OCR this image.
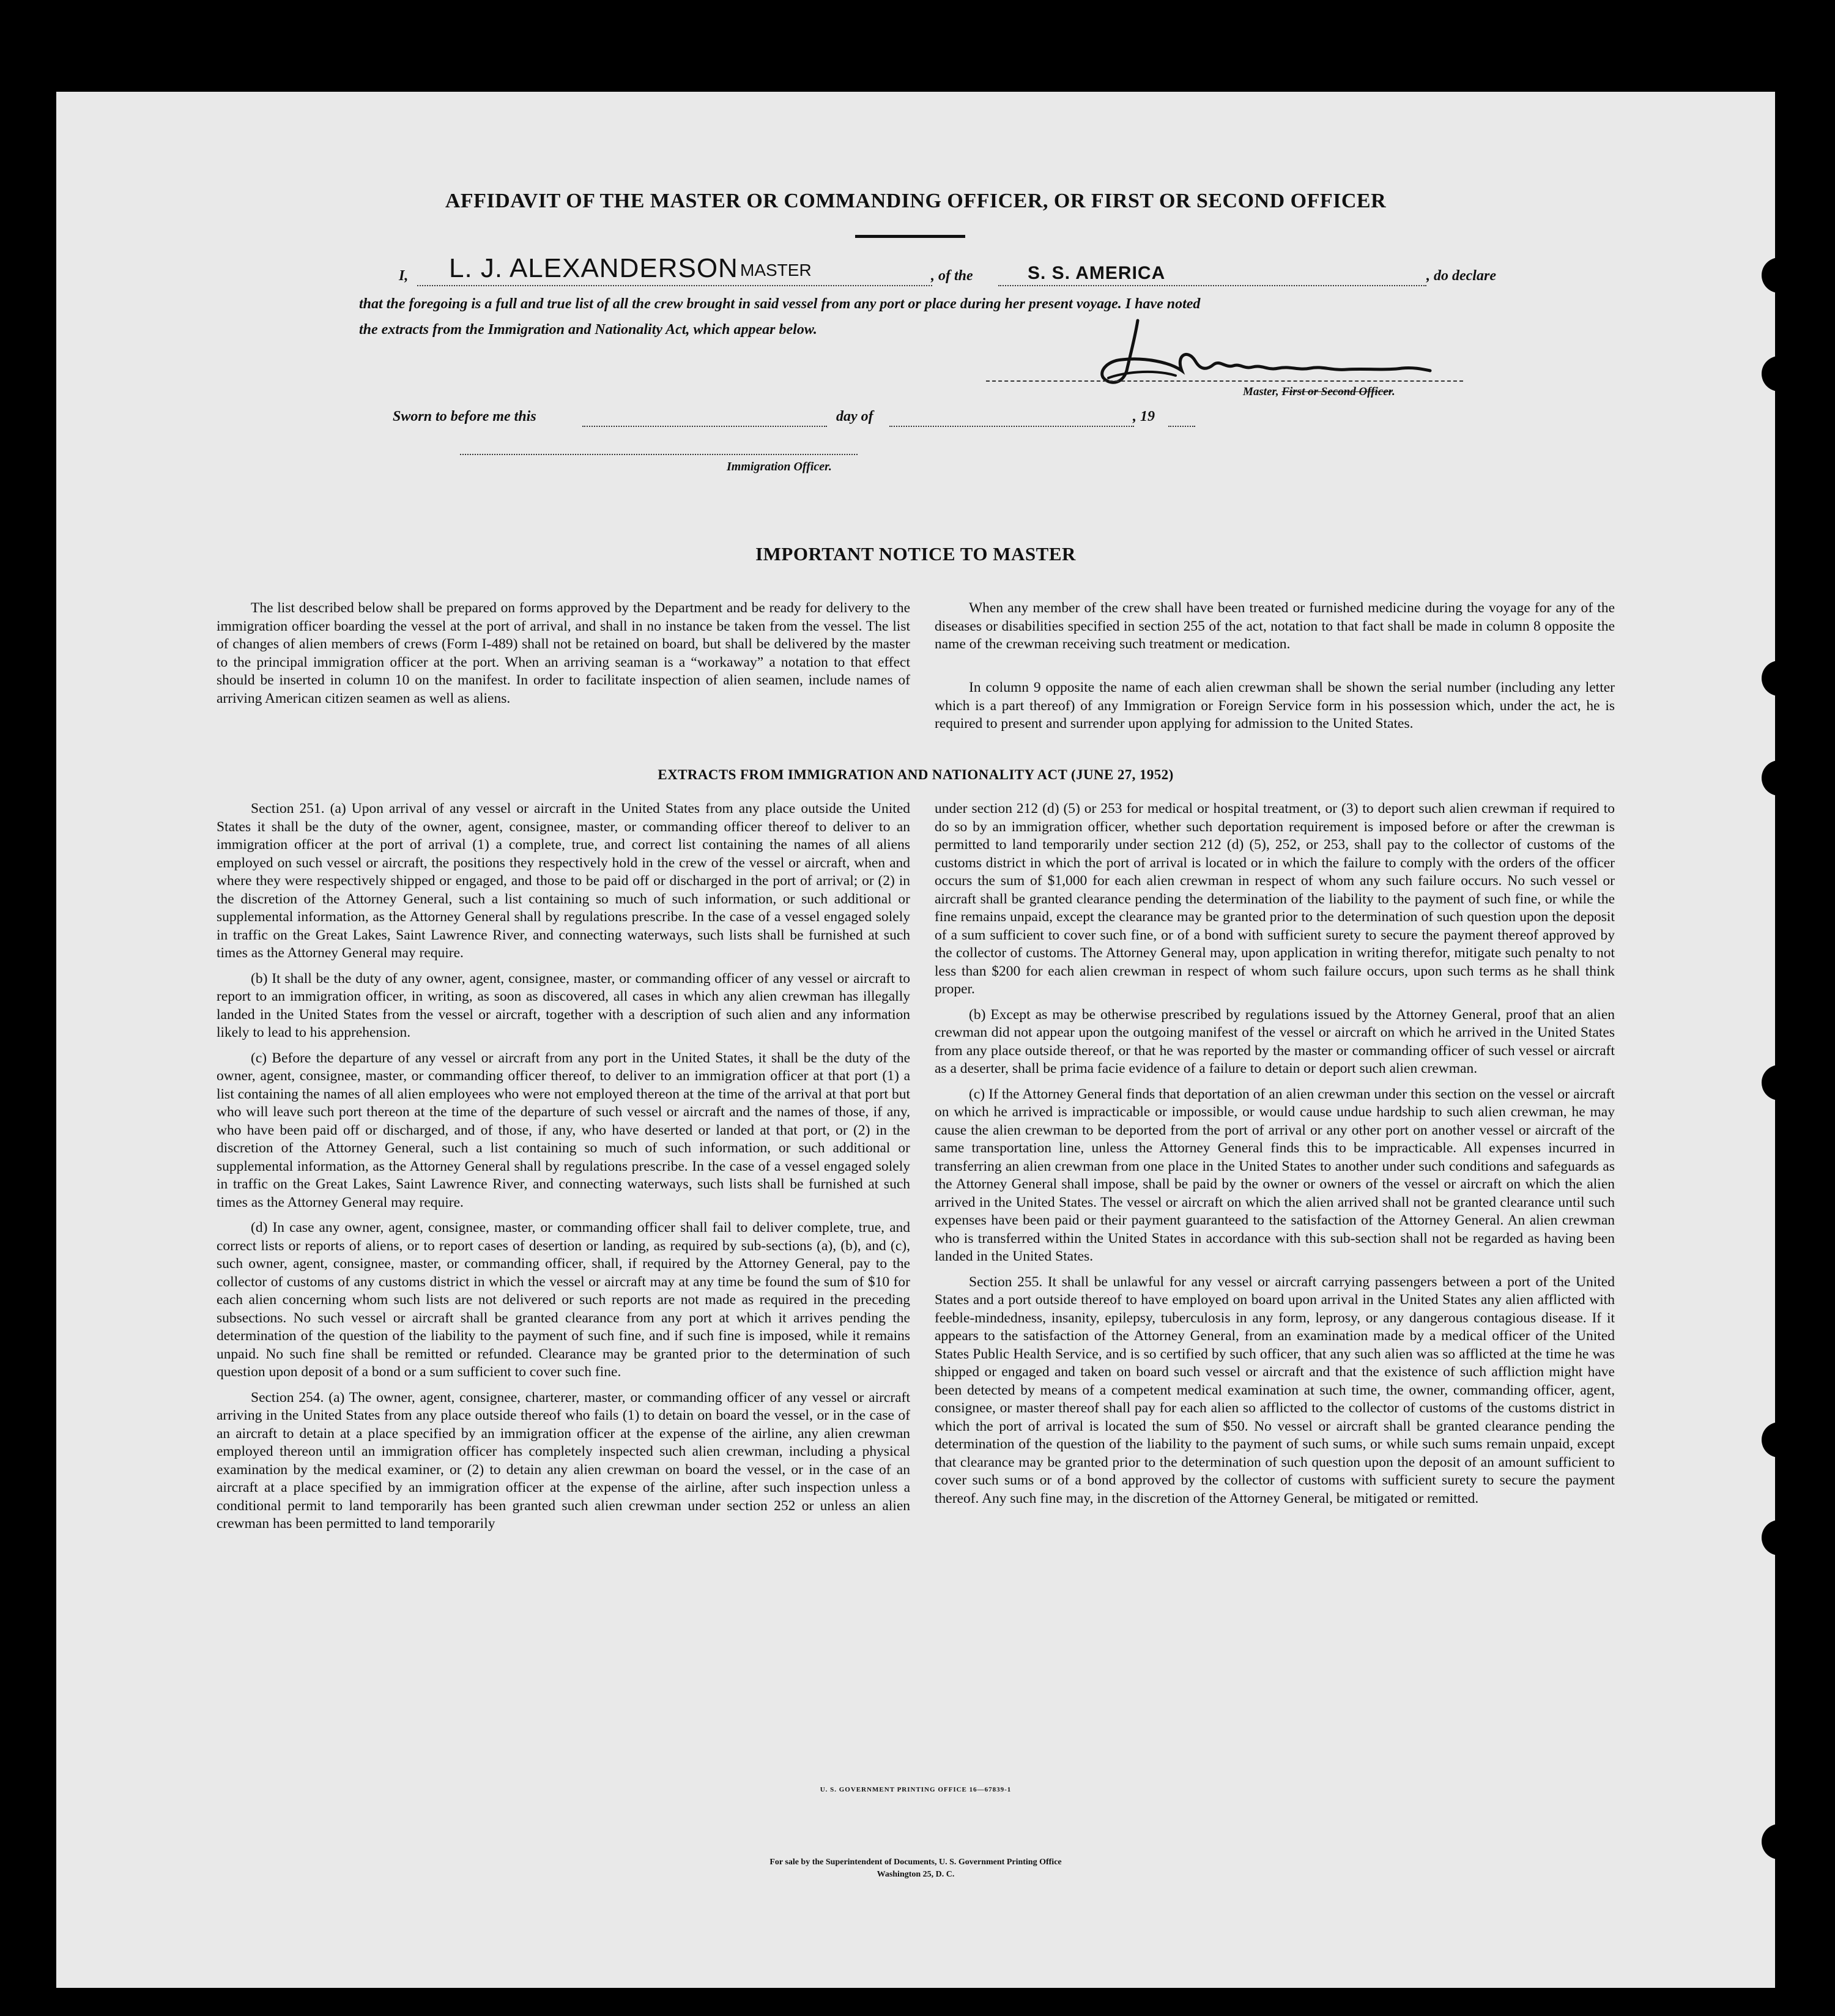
AFFIDAVIT OF THE MASTER OR COMMANDING OFFICER, OR FIRST OR SECOND OFFICER
I, L. J. ALEXANDERSON MASTER	, of the	S. S. AMERICA	, do declare
that the foregoing is a full and true list of all the crew brought in said vessel from any port or place during her present voyage. I have noted
the extracts from the Immigration and Nationality Act, which appear below.
Master, First or Second Officer.
Sworn to before me this	day of	, 19
Immigration Officer.
IMPORTANT NOTICE TO MASTER

The list described below shall be prepared on forms approved by the Department and be ready for delivery to the immigration officer boarding the vessel at the port of arrival, and shall in no instance be taken from the vessel. The list of changes of alien members of crews (Form I-489) shall not be retained on board, but shall be delivered by the master to the principal immigration officer at the port. When an arriving seaman is a “workaway” a notation to that effect should be inserted in column 10 on the manifest. In order to facilitate inspection of alien seamen, include names of arriving American citizen seamen as well as aliens.

When any member of the crew shall have been treated or furnished medicine during the voyage for any of the diseases or disabilities specified in section 255 of the act, notation to that fact shall be made in column 8 opposite the name of the crewman receiving such treatment or medication.

In column 9 opposite the name of each alien crewman shall be shown the serial number (including any letter which is a part thereof) of any Immigration or Foreign Service form in his possession which, under the act, he is required to present and surrender upon applying for admission to the United States.

EXTRACTS FROM IMMIGRATION AND NATIONALITY ACT (JUNE 27, 1952)

Section 251. (a) Upon arrival of any vessel or aircraft in the United States from any place outside the United States it shall be the duty of the owner, agent, consignee, master, or commanding officer thereof to deliver to an immigration officer at the port of arrival (1) a complete, true, and correct list containing the names of all aliens employed on such vessel or aircraft, the positions they respectively hold in the crew of the vessel or aircraft, when and where they were respectively shipped or engaged, and those to be paid off or discharged in the port of arrival; or (2) in the discretion of the Attorney General, such a list containing so much of such information, or such additional or supplemental information, as the Attorney General shall by regulations prescribe. In the case of a vessel engaged solely in traffic on the Great Lakes, Saint Lawrence River, and connecting waterways, such lists shall be furnished at such times as the Attorney General may require.

(b) It shall be the duty of any owner, agent, consignee, master, or commanding officer of any vessel or aircraft to report to an immigration officer, in writing, as soon as discovered, all cases in which any alien crewman has illegally landed in the United States from the vessel or aircraft, together with a description of such alien and any information likely to lead to his apprehension.

(c) Before the departure of any vessel or aircraft from any port in the United States, it shall be the duty of the owner, agent, consignee, master, or commanding officer thereof, to deliver to an immigration officer at that port (1) a list containing the names of all alien employees who were not employed thereon at the time of the arrival at that port but who will leave such port thereon at the time of the departure of such vessel or aircraft and the names of those, if any, who have been paid off or discharged, and of those, if any, who have deserted or landed at that port, or (2) in the discretion of the Attorney General, such a list containing so much of such information, or such additional or supplemental information, as the Attorney General shall by regulations prescribe. In the case of a vessel engaged solely in traffic on the Great Lakes, Saint Lawrence River, and connecting waterways, such lists shall be furnished at such times as the Attorney General may require.

(d) In case any owner, agent, consignee, master, or commanding officer shall fail to deliver complete, true, and correct lists or reports of aliens, or to report cases of desertion or landing, as required by sub-sections (a), (b), and (c), such owner, agent, consignee, master, or commanding officer, shall, if required by the Attorney General, pay to the collector of customs of any customs district in which the vessel or aircraft may at any time be found the sum of $10 for each alien concerning whom such lists are not delivered or such reports are not made as required in the preceding subsections. No such vessel or aircraft shall be granted clearance from any port at which it arrives pending the determination of the question of the liability to the payment of such fine, and if such fine is imposed, while it remains unpaid. No such fine shall be remitted or refunded. Clearance may be granted prior to the determination of such question upon deposit of a bond or a sum sufficient to cover such fine.

Section 254. (a) The owner, agent, consignee, charterer, master, or commanding officer of any vessel or aircraft arriving in the United States from any place outside thereof who fails (1) to detain on board the vessel, or in the case of an aircraft to detain at a place specified by an immigration officer at the expense of the airline, any alien crewman employed thereon until an immigration officer has completely inspected such alien crewman, including a physical examination by the medical examiner, or (2) to detain any alien crewman on board the vessel, or in the case of an aircraft at a place specified by an immigration officer at the expense of the airline, after such inspection unless a conditional permit to land temporarily has been granted such alien crewman under section 252 or unless an alien crewman has been permitted to land temporarily

under section 212 (d) (5) or 253 for medical or hospital treatment, or (3) to deport such alien crewman if required to do so by an immigration officer, whether such deportation requirement is imposed before or after the crewman is permitted to land temporarily under section 212 (d) (5), 252, or 253, shall pay to the collector of customs of the customs district in which the port of arrival is located or in which the failure to comply with the orders of the officer occurs the sum of $1,000 for each alien crewman in respect of whom any such failure occurs. No such vessel or aircraft shall be granted clearance pending the determination of the liability to the payment of such fine, or while the fine remains unpaid, except the clearance may be granted prior to the determination of such question upon the deposit of a sum sufficient to cover such fine, or of a bond with sufficient surety to secure the payment thereof approved by the collector of customs. The Attorney General may, upon application in writing therefor, mitigate such penalty to not less than $200 for each alien crewman in respect of whom such failure occurs, upon such terms as he shall think proper.

(b) Except as may be otherwise prescribed by regulations issued by the Attorney General, proof that an alien crewman did not appear upon the outgoing manifest of the vessel or aircraft on which he arrived in the United States from any place outside thereof, or that he was reported by the master or commanding officer of such vessel or aircraft as a deserter, shall be prima facie evidence of a failure to detain or deport such alien crewman.

(c) If the Attorney General finds that deportation of an alien crewman under this section on the vessel or aircraft on which he arrived is impracticable or impossible, or would cause undue hardship to such alien crewman, he may cause the alien crewman to be deported from the port of arrival or any other port on another vessel or aircraft of the same transportation line, unless the Attorney General finds this to be impracticable. All expenses incurred in transferring an alien crewman from one place in the United States to another under such conditions and safeguards as the Attorney General shall impose, shall be paid by the owner or owners of the vessel or aircraft on which the alien arrived in the United States. The vessel or aircraft on which the alien arrived shall not be granted clearance until such expenses have been paid or their payment guaranteed to the satisfaction of the Attorney General. An alien crewman who is transferred within the United States in accordance with this sub-section shall not be regarded as having been landed in the United States.

Section 255. It shall be unlawful for any vessel or aircraft carrying passengers between a port of the United States and a port outside thereof to have employed on board upon arrival in the United States any alien afflicted with feeble-mindedness, insanity, epilepsy, tuberculosis in any form, leprosy, or any dangerous contagious disease. If it appears to the satisfaction of the Attorney General, from an examination made by a medical officer of the United States Public Health Service, and is so certified by such officer, that any such alien was so afflicted at the time he was shipped or engaged and taken on board such vessel or aircraft and that the existence of such affliction might have been detected by means of a competent medical examination at such time, the owner, commanding officer, agent, consignee, or master thereof shall pay for each alien so afflicted to the collector of customs of the customs district in which the port of arrival is located the sum of $50. No vessel or aircraft shall be granted clearance pending the determination of the question of the liability to the payment of such sums, or while such sums remain unpaid, except that clearance may be granted prior to the determination of such question upon the deposit of an amount sufficient to cover such sums or of a bond approved by the collector of customs with sufficient surety to secure the payment thereof. Any such fine may, in the discretion of the Attorney General, be mitigated or remitted.

U. S. GOVERNMENT PRINTING OFFICE 16—67839-1
For sale by the Superintendent of Documents, U. S. Government Printing Office
Washington 25, D. C.
